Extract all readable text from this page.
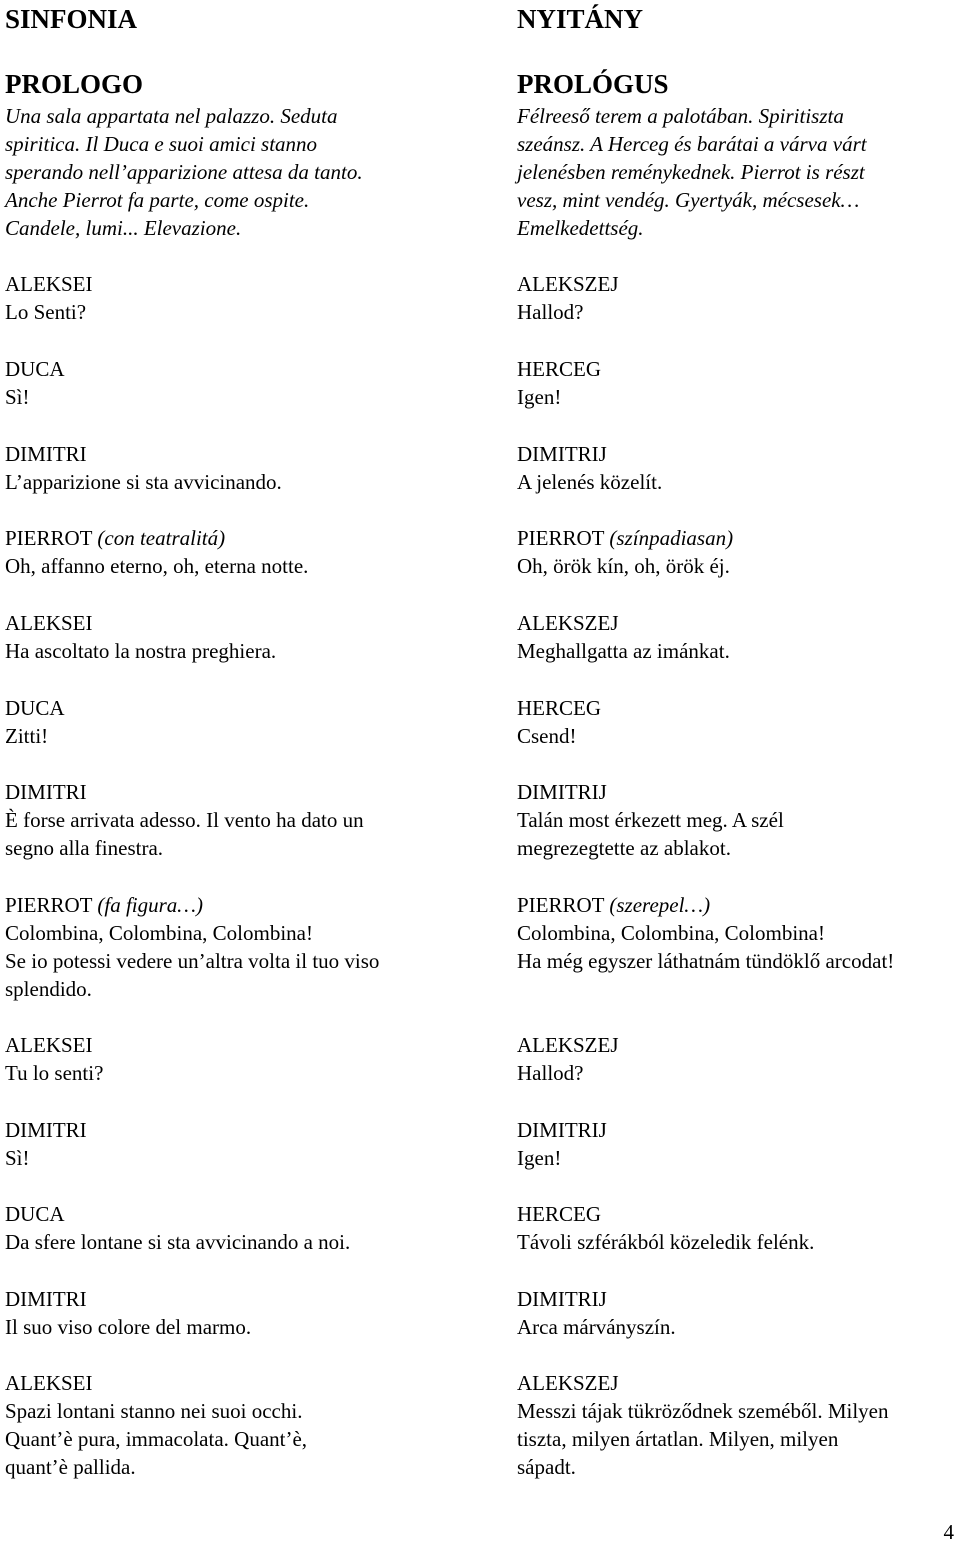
SINFONIA
PROLOGO
Una sala appartata nel palazzo. Seduta
spiritica. Il Duca e suoi amici stanno
sperando nell’apparizione attesa da tanto.
Anche Pierrot fa parte, come ospite.
Candele, lumi... Elevazione.
ALEKSEI
Lo Senti?
DUCA
Sì!
DIMITRI
L’apparizione si sta avvicinando.
PIERROT (con teatralitá)
Oh, affanno eterno, oh, eterna notte.
ALEKSEI
Ha ascoltato la nostra preghiera.
DUCA
Zitti!
DIMITRI
È forse arrivata adesso. Il vento ha dato un
segno alla finestra.
PIERROT (fa figura…)
Colombina, Colombina, Colombina!
Se io potessi vedere un’altra volta il tuo viso
splendido.
ALEKSEI
Tu lo senti?
DIMITRI
Sì!
DUCA
Da sfere lontane si sta avvicinando a noi.
DIMITRI
Il suo viso colore del marmo.
ALEKSEI
Spazi lontani stanno nei suoi occhi.
Quant’è pura, immacolata. Quant’è,
quant’è pallida.
NYITÁNY
PROLÓGUS
Félreeső terem a palotában. Spiritiszta
szeánsz. A Herceg és barátai a várva várt
jelenésben reménykednek. Pierrot is részt
vesz, mint vendég. Gyertyák, mécsesek…
Emelkedettség.
ALEKSZEJ
Hallod?
HERCEG
Igen!
DIMITRIJ
A jelenés közelít.
PIERROT (színpadiasan)
Oh, örök kín, oh, örök éj.
ALEKSZEJ
Meghallgatta az imánkat.
HERCEG
Csend!
DIMITRIJ
Talán most érkezett meg. A szél
megrezegtette az ablakot.
PIERROT (szerepel…)
Colombina, Colombina, Colombina!
Ha még egyszer láthatnám tündöklő arcodat!
ALEKSZEJ
Hallod?
DIMITRIJ
Igen!
HERCEG
Távoli szférákból közeledik felénk.
DIMITRIJ
Arca márványszín.
ALEKSZEJ
Messzi tájak tükröződnek szeméből. Milyen
tiszta, milyen ártatlan. Milyen, milyen
sápadt.
4
